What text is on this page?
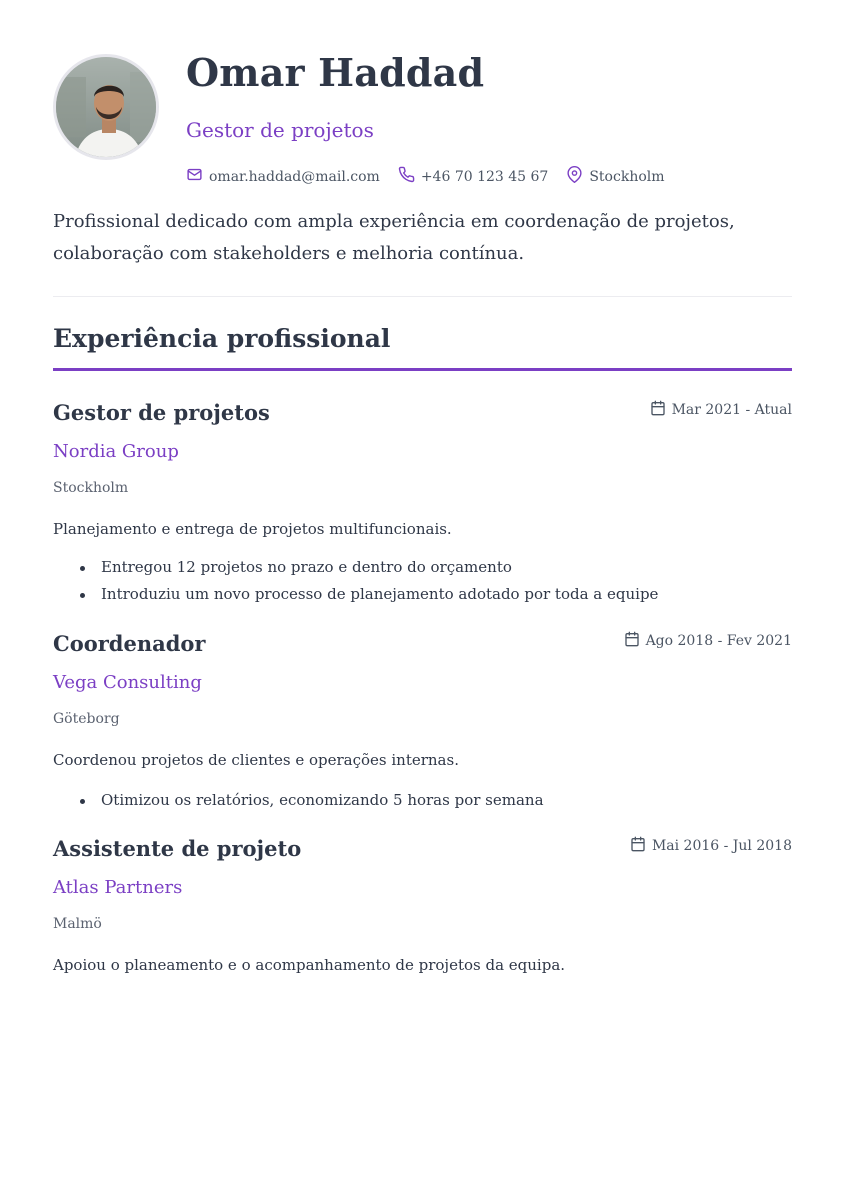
Omar Haddad
Gestor de projetos
omar.haddad@mail.com	+46 70 123 45 67	Stockholm

Profissional dedicado com ampla experiência em coordenação de projetos, colaboração com stakeholders e melhoria contínua.

Experiência profissional
Gestor de projetos	Mar 2021 - Atual
Nordia Group
Stockholm

Planejamento e entrega de projetos multifuncionais.

Entregou 12 projetos no prazo e dentro do orçamento
Introduziu um novo processo de planejamento adotado por toda a equipe
Coordenador	Ago 2018 - Fev 2021
Vega Consulting
Göteborg

Coordenou projetos de clientes e operações internas.

Otimizou os relatórios, economizando 5 horas por semana
Assistente de projeto	Mai 2016 - Jul 2018
Atlas Partners
Malmö

Apoiou o planeamento e o acompanhamento de projetos da equipa.
